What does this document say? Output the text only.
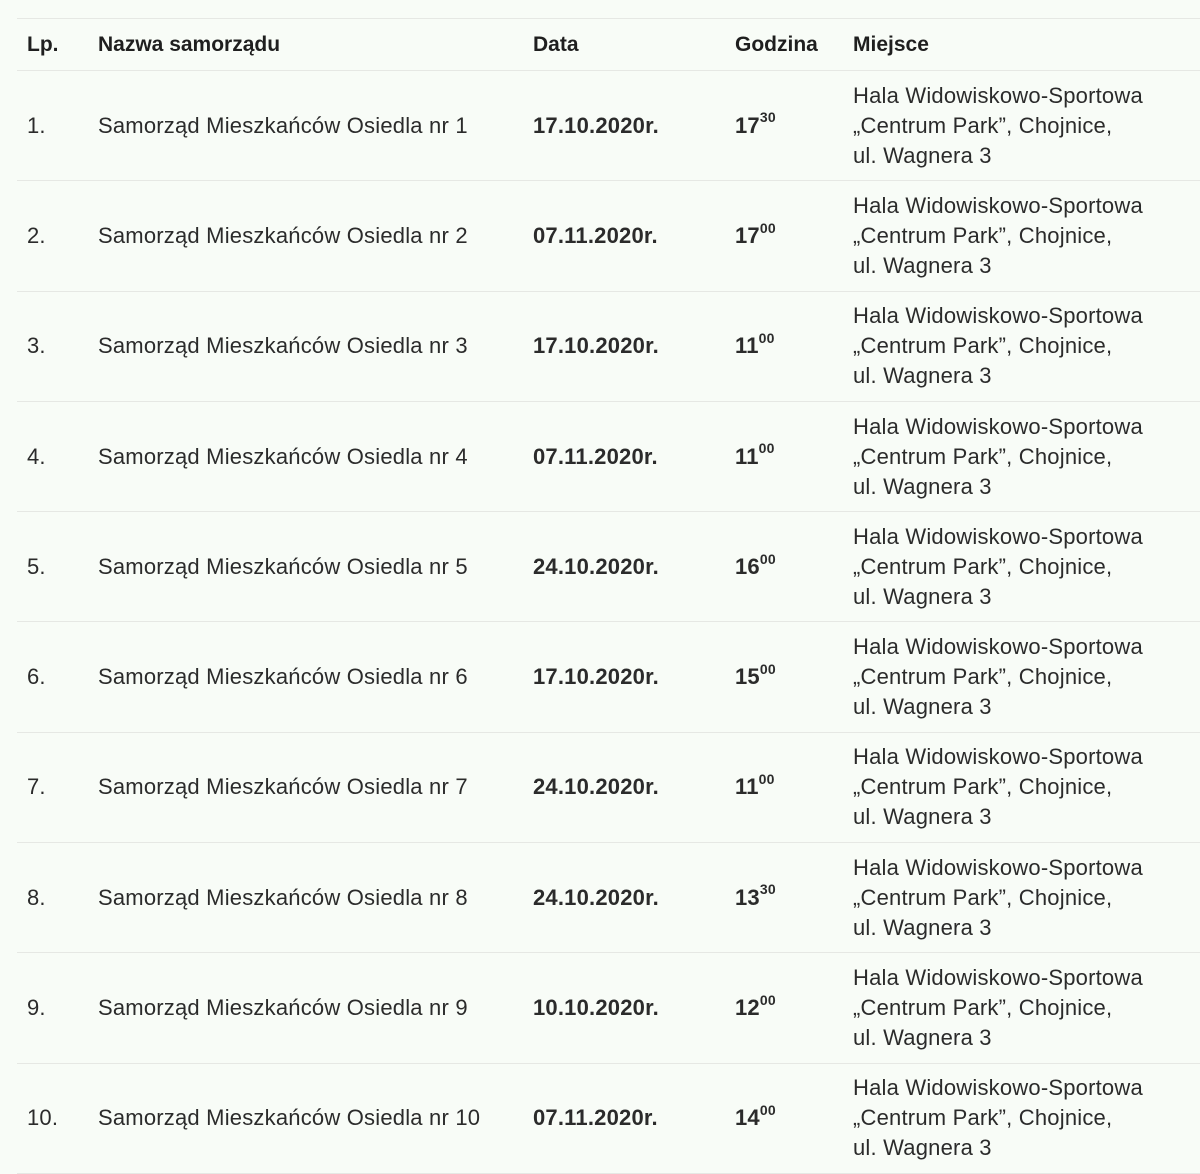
Lp.	Nazwa samorządu	Data	Godzina	Miejsce
1.	Samorząd Mieszkańców Osiedla nr 1	17.10.2020r.	$17^{30}$
Hala Widowiskowo-Sportowa
„Centrum Park”, Chojnice,
ul. Wagnera 3
2.	Samorząd Mieszkańców Osiedla nr 2	07.11.2020r.	$17^{00}$
Hala Widowiskowo-Sportowa
„Centrum Park”, Chojnice,
ul. Wagnera 3
3.	Samorząd Mieszkańców Osiedla nr 3	17.10.2020r.	$11^{00}$
Hala Widowiskowo-Sportowa
„Centrum Park”, Chojnice,
ul. Wagnera 3
4.	Samorząd Mieszkańców Osiedla nr 4	07.11.2020r.	$11^{00}$
Hala Widowiskowo-Sportowa
„Centrum Park”, Chojnice,
ul. Wagnera 3
5.	Samorząd Mieszkańców Osiedla nr 5	24.10.2020r.	$16^{00}$
Hala Widowiskowo-Sportowa
„Centrum Park”, Chojnice,
ul. Wagnera 3
6.	Samorząd Mieszkańców Osiedla nr 6	17.10.2020r.	$15^{00}$
Hala Widowiskowo-Sportowa
„Centrum Park”, Chojnice,
ul. Wagnera 3
7.	Samorząd Mieszkańców Osiedla nr 7	24.10.2020r.	$11^{00}$
Hala Widowiskowo-Sportowa
„Centrum Park”, Chojnice,
ul. Wagnera 3
8.	Samorząd Mieszkańców Osiedla nr 8	24.10.2020r.	$13^{30}$
Hala Widowiskowo-Sportowa
„Centrum Park”, Chojnice,
ul. Wagnera 3
9.	Samorząd Mieszkańców Osiedla nr 9	10.10.2020r.	$12^{00}$
Hala Widowiskowo-Sportowa
„Centrum Park”, Chojnice,
ul. Wagnera 3
10.	Samorząd Mieszkańców Osiedla nr 10	07.11.2020r.	$14^{00}$
Hala Widowiskowo-Sportowa
„Centrum Park”, Chojnice,
ul. Wagnera 3
